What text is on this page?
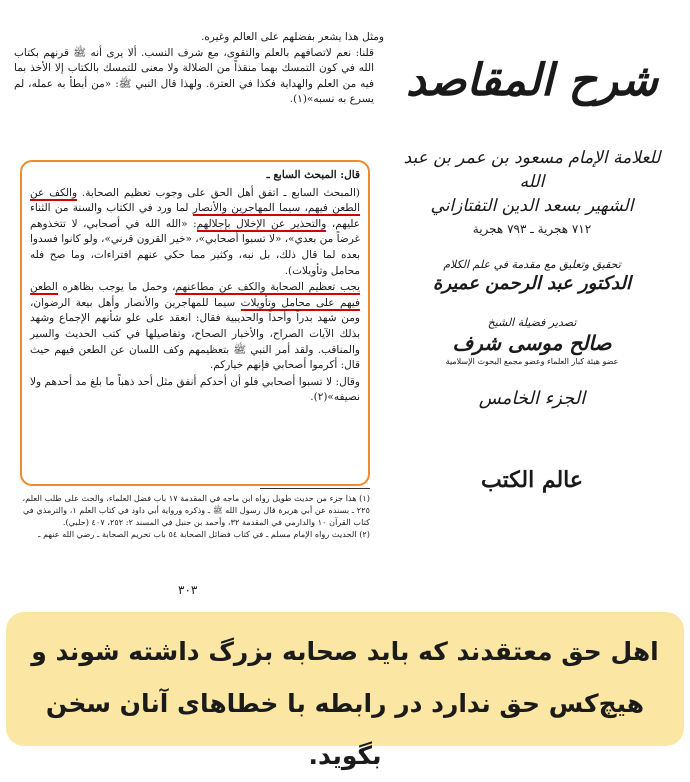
ومثل هذا يشعر بفضلهم على العالم وغيره.

قلنا: نعم لاتصافهم بالعلم والتقوى، مع شرف النسب. ألا يرى أنه ﷺ قرنهم بكتاب الله في كون التمسك بهما منقذاً من الضلالة ولا معنى للتمسك بالكتاب إلا الأخذ بما فيه من العلم والهداية فكذا في العترة. ولهذا قال النبي ﷺ: «من أبطأ به عمله، لم يسرع به نسبه»(١).

قال: المبحث السابع ـ

(المبحث السابع ـ اتفق أهل الحق على وجوب تعظيم الصحابة. والكف عن الطعن فيهم، سيما المهاجرين والأنصار لما ورد في الكتاب والسنة من الثناء عليهم، والتحذير عن الإخلال بإجلالهم: «الله الله في أصحابي، لا تتخذوهم غرضاً من بعدي»، «لا تسبوا أصحابي»، «خير القرون قرني»، ولو كانوا فسدوا بعده لما قال ذلك، بل نبه، وكثير مما حكي عنهم افتراءات، وما صح فله محامل وتأويلات).

يجب تعظيم الصحابة والكف عن مطاعنهم، وحمل ما يوجب بظاهره الطعن فيهم على محامل وتأويلات سيما للمهاجرين والأنصار وأهل بيعة الرضوان، ومن شهد بدراً وأحداً والحديبية فقال: انعقد على علو شأنهم الإجماع وشهد بذلك الآيات الصراح، والأخبار الصحاح، وتفاصيلها في كتب الحديث والسير والمناقب. ولقد أمر النبي ﷺ بتعظيمهم وكف اللسان عن الطعن فيهم حيث قال: أكرموا أصحابي فإنهم خياركم.

وقال: لا تسبوا أصحابي فلو أن أحدكم أنفق مثل أحد ذهباً ما بلغ مد أحدهم ولا نصيفه»(٢).

(١) هذا جزء من حديث طويل رواه ابن ماجه في المقدمة ١٧ باب فضل العلماء، والحث على طلب العلم، ٢٢٥ ـ بسنده عن أبي هريرة قال رسول الله ﷺ ـ وذكره ورواية أبي داود في كتاب العلم ١، والترمذي في كتاب القرآن ١٠ والدارمي في المقدمة ٣٢، وأحمد بن حنبل في المسند ٢: ٢٥٢، ٤٠٧ (حلبي).
(٢) الحديث رواه الإمام مسلم ـ في كتاب فضائل الصحابة ٥٤ باب تحريم الصحابة ـ رضي الله عنهم ـ
٣٠٣
شرح المقاصد
للعلامة الإمام مسعود بن عمر بن عبد الله
الشهير بسعد الدين التفتازاني
٧١٢ هجرية ـ ٧٩٣ هجرية
تحقيق وتعليق مع مقدمة في علم الكلام
الدكتور عبد الرحمن عميرة
تصدير فضيلة الشيخ
صالح موسى شرف
عضو هيئة كبار العلماء وعضو مجمع البحوث الإسلامية
الجزء الخامس
عالم الكتب
اهل حق معتقدند که باید صحابه بزرگ داشته شوند و
هیچ‌کس حق ندارد در رابطه با خطاهای آنان سخن بگوید.
